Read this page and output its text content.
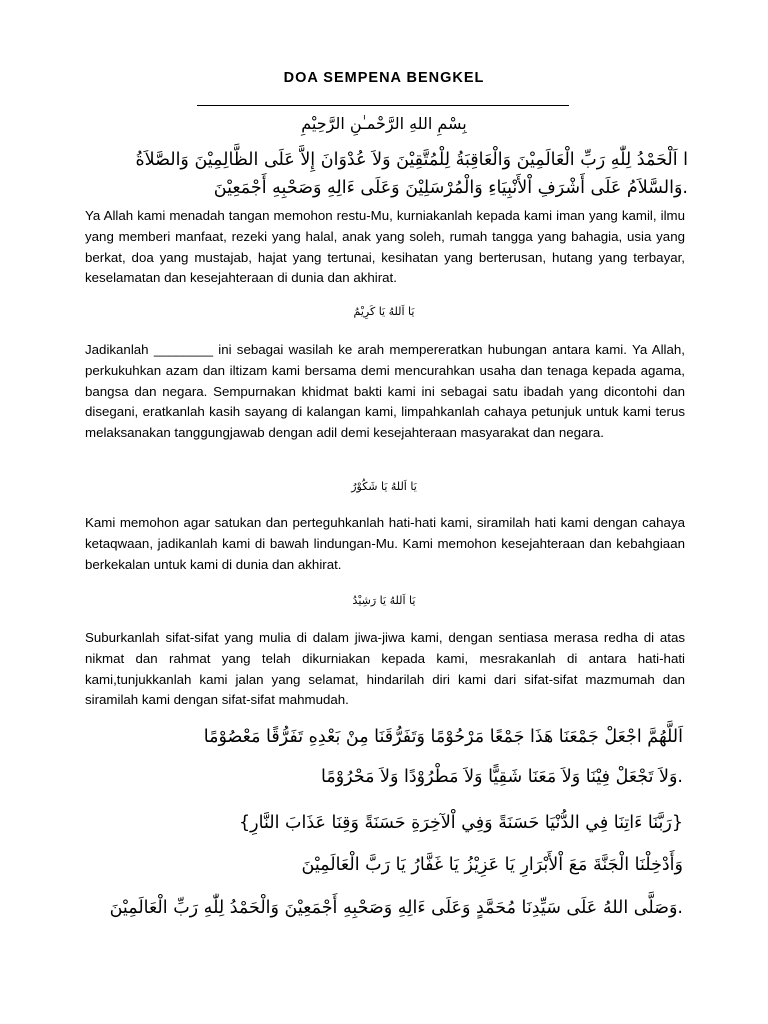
DOA SEMPENA BENGKEL
بِسْمِ اللهِ الرَّحْمـٰنِ الرَّحِيْمِ
ا اَلْحَمْدُ لِلّٰهِ رَبِّ الْعَالَمِيْنَ وَالْعَاقِبَةُ لِلْمُتَّقِيْنَ وَلاَ عُدْوَانَ إِلاَّ عَلَى الظَّالِمِيْنَ وَالصَّلاَةُ
.وَالسَّلاَمُ عَلَى أَشْرَفِ اْلأَنْبِيَاءِ وَالْمُرْسَلِيْنَ وَعَلَى ءَالِهِ وَصَحْبِهِ أَجْمَعِيْنَ

Ya Allah kami menadah tangan memohon restu-Mu, kurniakanlah kepada kami iman yang kamil, ilmu yang memberi manfaat, rezeki yang halal, anak yang soleh, rumah tangga yang bahagia, usia yang berkat, doa yang mustajab, hajat yang tertunai, kesihatan yang berterusan, hutang yang terbayar, keselamatan dan kesejahteraan di dunia dan akhirat.

يَا اَللهُ يَا كَرِيْمُ

Jadikanlah ________ ini sebagai wasilah ke arah mempereratkan hubungan antara kami. Ya Allah, perkukuhkan azam dan iltizam kami bersama demi mencurahkan usaha dan tenaga kepada agama, bangsa dan negara. Sempurnakan khidmat bakti kami ini sebagai satu ibadah yang dicontohi dan disegani, eratkanlah kasih sayang di kalangan kami, limpahkanlah cahaya petunjuk untuk kami terus melaksanakan tanggungjawab dengan adil demi kesejahteraan masyarakat dan negara.

يَا اَللهُ يَا شَكُوْرُ

Kami memohon agar satukan dan perteguhkanlah hati-hati kami, siramilah hati kami dengan cahaya ketaqwaan, jadikanlah kami di bawah lindungan-Mu. Kami memohon kesejahteraan dan kebahgiaan berkekalan untuk kami di dunia dan akhirat.

يَا اَللهُ يَا رَشِيْدُ

Suburkanlah sifat-sifat yang mulia di dalam jiwa-jiwa kami, dengan sentiasa merasa redha di atas nikmat dan rahmat yang telah dikurniakan kepada kami, mesrakanlah di antara hati-hati kami,tunjukkanlah kami jalan yang selamat, hindarilah diri kami dari sifat-sifat mazmumah dan siramilah kami dengan sifat-sifat mahmudah.

اَللَّهُمَّ اجْعَلْ جَمْعَنَا هَذَا جَمْعًا مَرْحُوْمًا وَتَفَرُّقَنَا مِنْ بَعْدِهِ تَفَرُّقًا مَعْصُوْمًا
.وَلاَ تَجْعَلْ فِيْنَا وَلاَ مَعَنَا شَقِيًّا وَلاَ مَطْرُوْدًا وَلاَ مَحْرُوْمًا
{رَبَّنَا ءَاتِنَا فِي الدُّنْيَا حَسَنَةً وَفِي اْلآخِرَةِ حَسَنَةً وَقِنَا عَذَابَ النَّارِ}
وَأَدْخِلْنَا الْجَنَّةَ مَعَ اْلأَبْرَارِ يَا عَزِيْزُ يَا غَفَّارُ يَا رَبَّ الْعَالَمِيْنَ
.وَصَلَّى اللهُ عَلَى سَيِّدِنَا مُحَمَّدٍ وَعَلَى ءَالِهِ وَصَحْبِهِ أَجْمَعِيْنَ وَالْحَمْدُ لِلّٰهِ رَبِّ الْعَالَمِيْنَ
